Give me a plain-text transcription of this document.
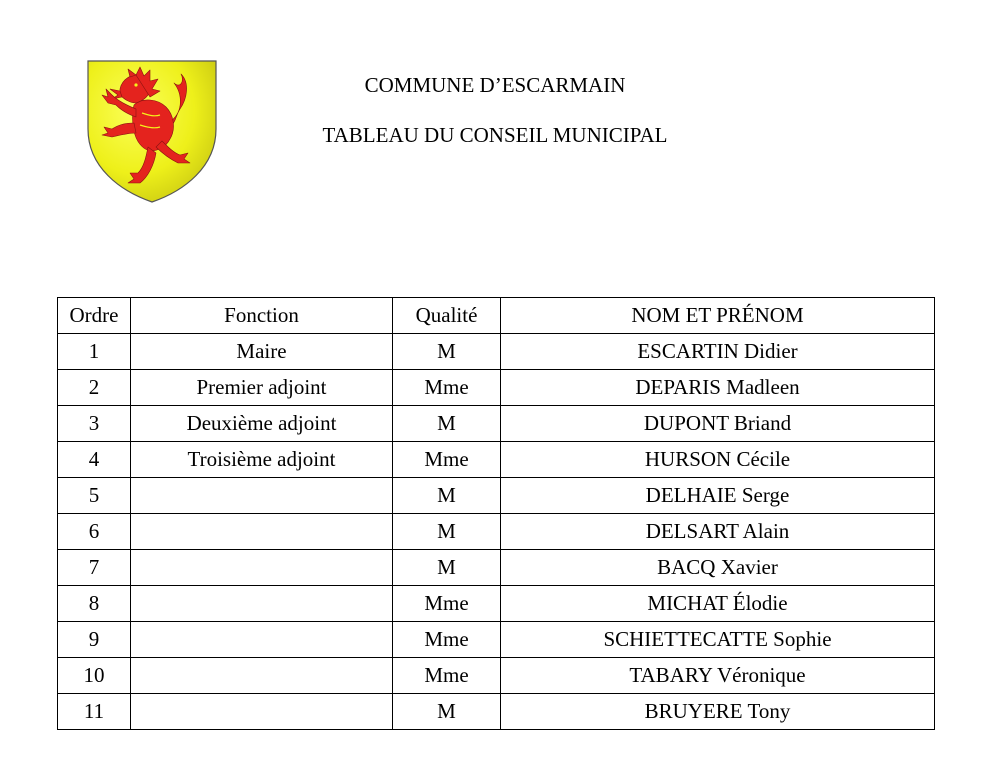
COMMUNE D’ESCARMAIN
TABLEAU DU CONSEIL MUNICIPAL
Ordre	Fonction	Qualité	NOM ET PRÉNOM
1	Maire	M	ESCARTIN Didier
2	Premier adjoint	Mme	DEPARIS Madleen
3	Deuxième adjoint	M	DUPONT Briand
4	Troisième adjoint	Mme	HURSON Cécile
5		M	DELHAIE Serge
6		M	DELSART Alain
7		M	BACQ Xavier
8		Mme	MICHAT Élodie
9		Mme	SCHIETTECATTE Sophie
10		Mme	TABARY Véronique
11		M	BRUYERE Tony
